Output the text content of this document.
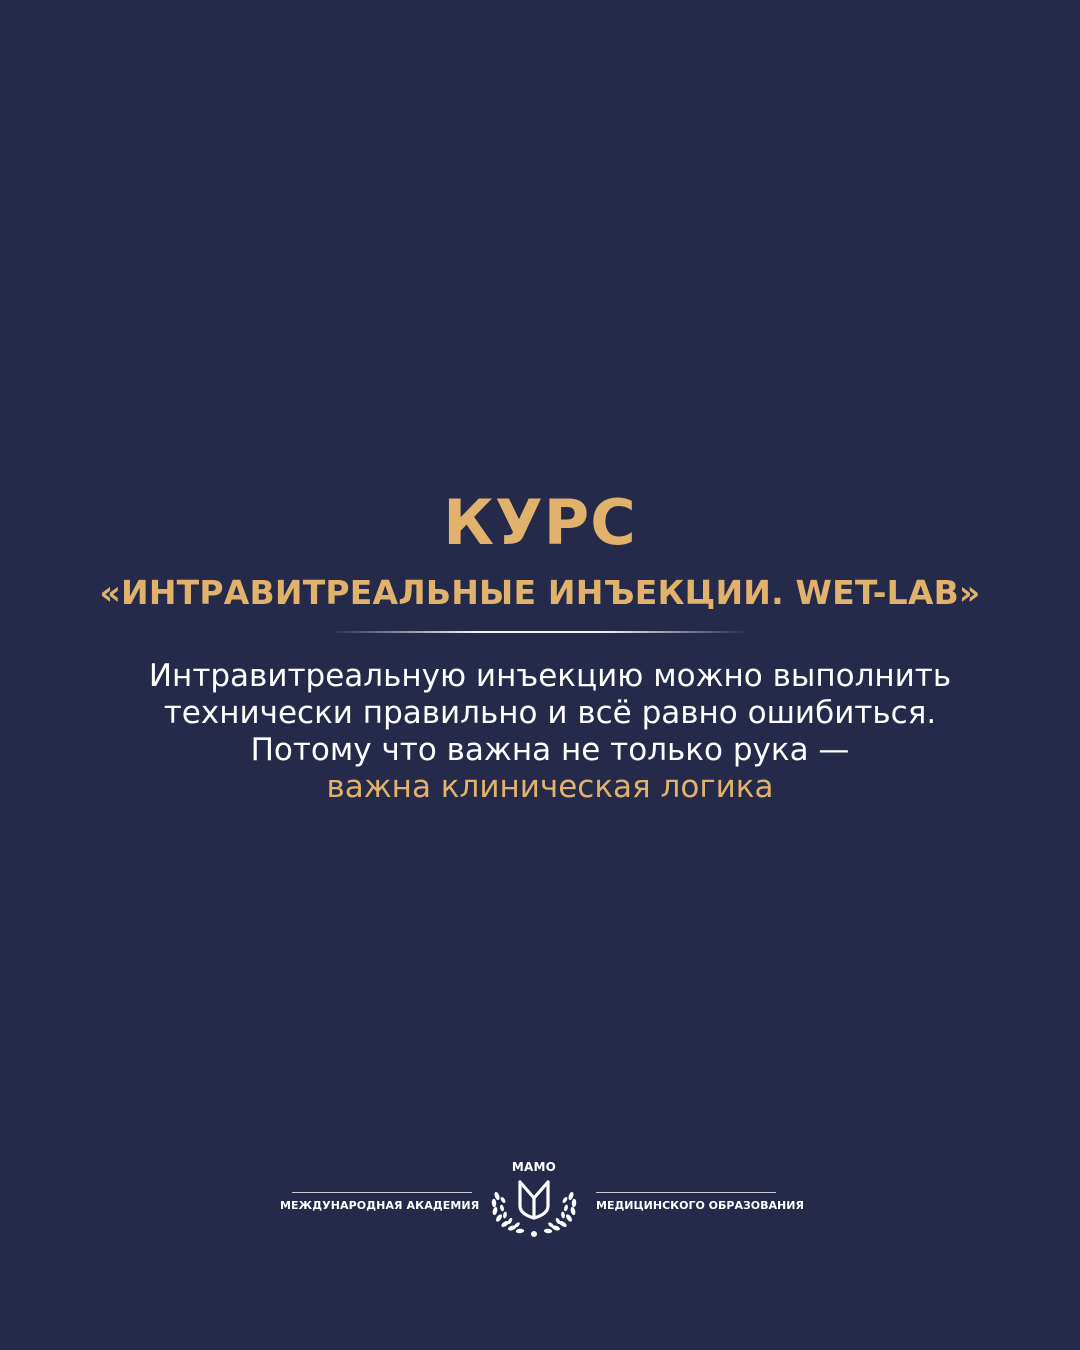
КУРС
«ИНТРАВИТРЕАЛЬНЫЕ ИНЪЕКЦИИ. WET-LAB»

Интравитреальную инъекцию можно выполнить
технически правильно и всё равно ошибиться.
Потому что важна не только рука —
важна клиническая логика

МЕЖДУНАРОДНАЯ АКАДЕМИЯ
МАМО
МЕДИЦИНСКОГО ОБРАЗОВАНИЯ
